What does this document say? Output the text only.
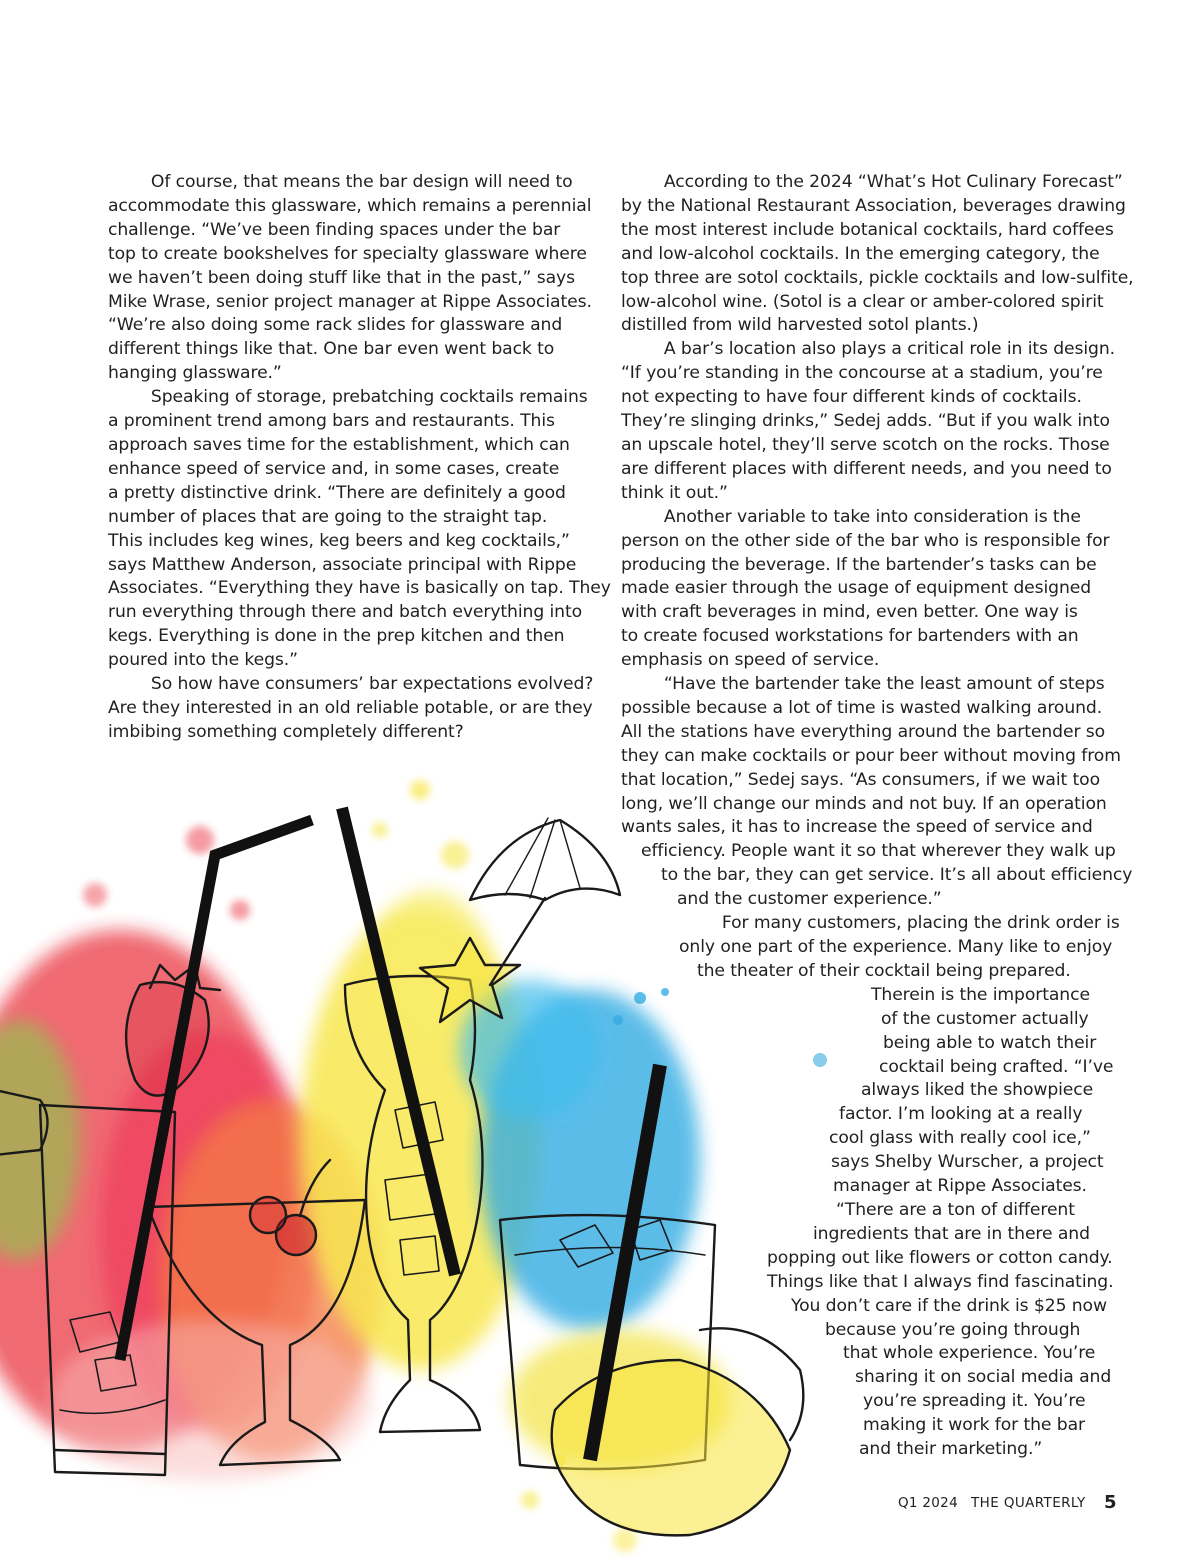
Of course, that means the bar design will need to
accommodate this glassware, which remains a perennial
challenge. “We’ve been finding spaces under the bar
top to create bookshelves for specialty glassware where
we haven’t been doing stuff like that in the past,” says
Mike Wrase, senior project manager at Rippe Associates.
“We’re also doing some rack slides for glassware and
different things like that. One bar even went back to
hanging glassware.”
Speaking of storage, prebatching cocktails remains
a prominent trend among bars and restaurants. This
approach saves time for the establishment, which can
enhance speed of service and, in some cases, create
a pretty distinctive drink. “There are definitely a good
number of places that are going to the straight tap.
This includes keg wines, keg beers and keg cocktails,”
says Matthew Anderson, associate principal with Rippe
Associates. “Everything they have is basically on tap. They
run everything through there and batch everything into
kegs. Everything is done in the prep kitchen and then
poured into the kegs.”
So how have consumers’ bar expectations evolved?
Are they interested in an old reliable potable, or are they
imbibing something completely different?
According to the 2024 “What’s Hot Culinary Forecast”
by the National Restaurant Association, beverages drawing
the most interest include botanical cocktails, hard coffees
and low-alcohol cocktails. In the emerging category, the
top three are sotol cocktails, pickle cocktails and low-sulfite,
low-alcohol wine. (Sotol is a clear or amber-colored spirit
distilled from wild harvested sotol plants.)
A bar’s location also plays a critical role in its design.
“If you’re standing in the concourse at a stadium, you’re
not expecting to have four different kinds of cocktails.
They’re slinging drinks,” Sedej adds. “But if you walk into
an upscale hotel, they’ll serve scotch on the rocks. Those
are different places with different needs, and you need to
think it out.”
Another variable to take into consideration is the
person on the other side of the bar who is responsible for
producing the beverage. If the bartender’s tasks can be
made easier through the usage of equipment designed
with craft beverages in mind, even better. One way is
to create focused workstations for bartenders with an
emphasis on speed of service.
“Have the bartender take the least amount of steps
possible because a lot of time is wasted walking around.
All the stations have everything around the bartender so
they can make cocktails or pour beer without moving from
that location,” Sedej says. “As consumers, if we wait too
long, we’ll change our minds and not buy. If an operation
wants sales, it has to increase the speed of service and
efficiency. People want it so that wherever they walk up
to the bar, they can get service. It’s all about efficiency
and the customer experience.”
For many customers, placing the drink order is
only one part of the experience. Many like to enjoy
the theater of their cocktail being prepared.
Therein is the importance
of the customer actually
being able to watch their
cocktail being crafted. “I’ve
always liked the showpiece
factor. I’m looking at a really
cool glass with really cool ice,”
says Shelby Wurscher, a project
manager at Rippe Associates.
“There are a ton of different
ingredients that are in there and
popping out like flowers or cotton candy.
Things like that I always find fascinating.
You don’t care if the drink is $25 now
because you’re going through
that whole experience. You’re
sharing it on social media and
you’re spreading it. You’re
making it work for the bar
and their marketing.”
Q1 2024 THE QUARTERLY 5
